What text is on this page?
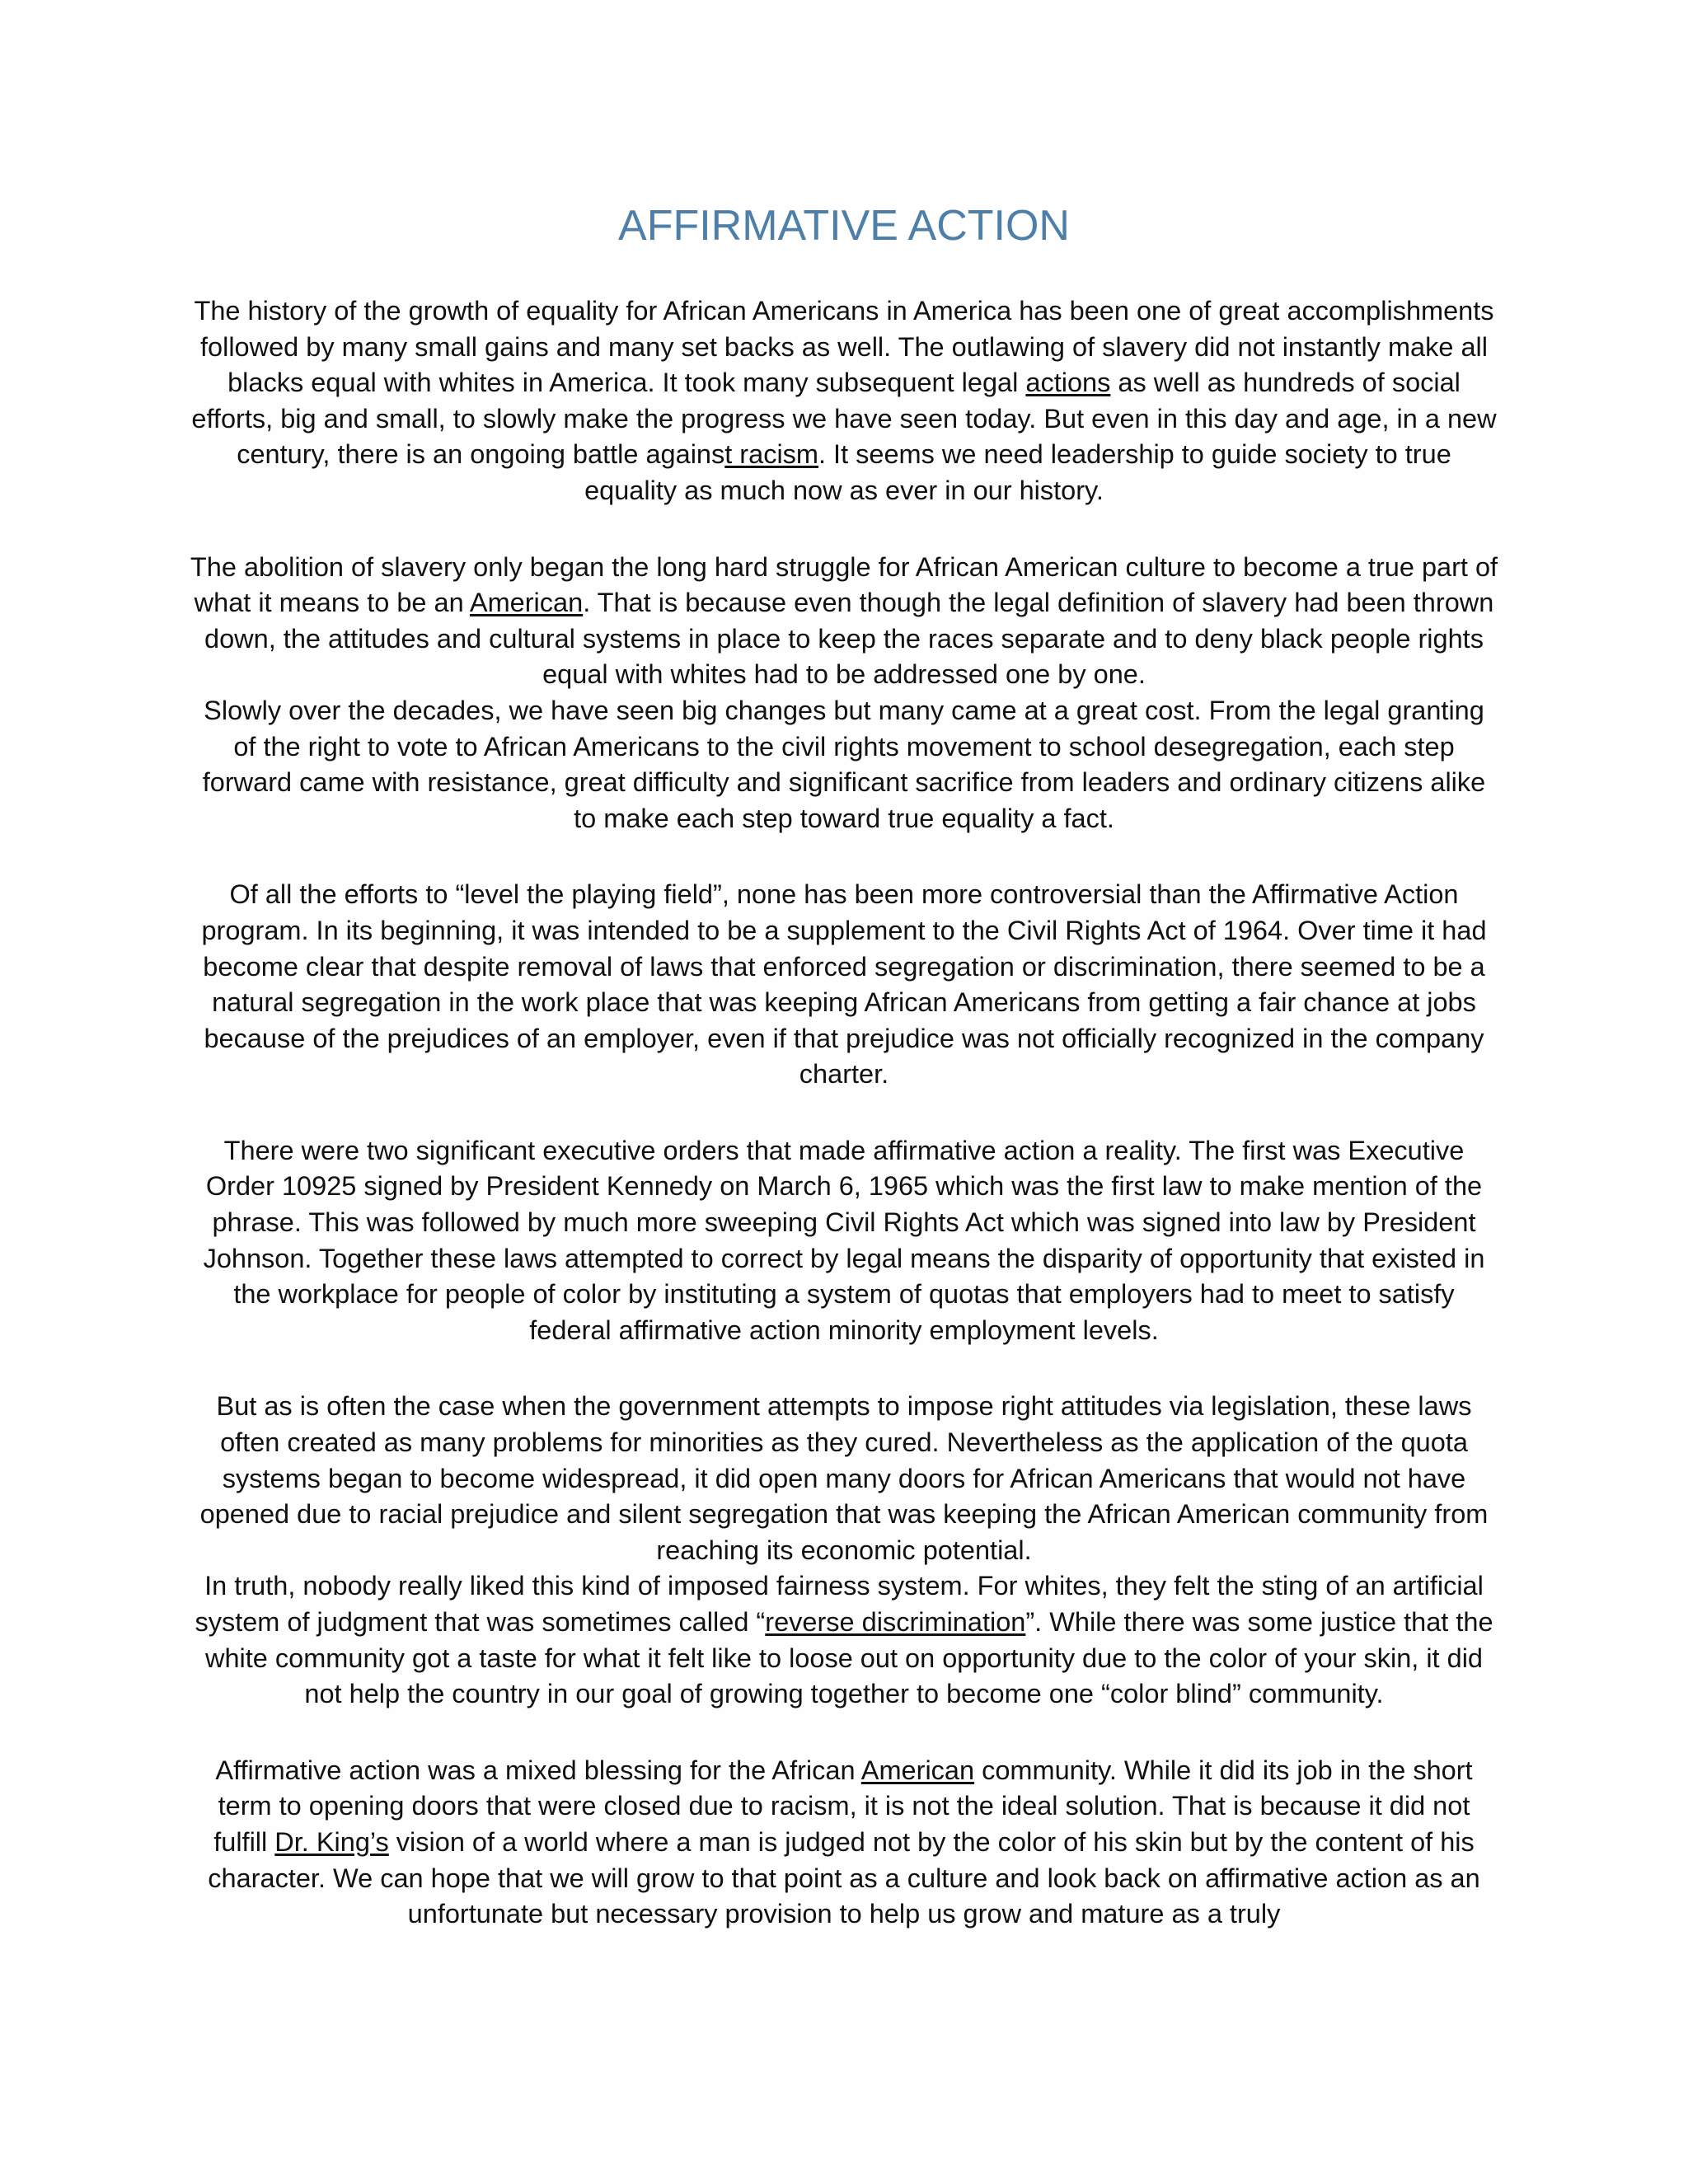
AFFIRMATIVE ACTION

The history of the growth of equality for African Americans in America has been one of great accomplishments followed by many small gains and many set backs as well. The outlawing of slavery did not instantly make all blacks equal with whites in America. It took many subsequent legal actions as well as hundreds of social efforts, big and small, to slowly make the progress we have seen today. But even in this day and age, in a new century, there is an ongoing battle against racism. It seems we need leadership to guide society to true equality as much now as ever in our history.

The abolition of slavery only began the long hard struggle for African American culture to become a true part of what it means to be an American. That is because even though the legal definition of slavery had been thrown down, the attitudes and cultural systems in place to keep the races separate and to deny black people rights equal with whites had to be addressed one by one.

Slowly over the decades, we have seen big changes but many came at a great cost. From the legal granting of the right to vote to African Americans to the civil rights movement to school desegregation, each step forward came with resistance, great difficulty and significant sacrifice from leaders and ordinary citizens alike to make each step toward true equality a fact.

Of all the efforts to “level the playing field”, none has been more controversial than the Affirmative Action program. In its beginning, it was intended to be a supplement to the Civil Rights Act of 1964. Over time it had become clear that despite removal of laws that enforced segregation or discrimination, there seemed to be a natural segregation in the work place that was keeping African Americans from getting a fair chance at jobs because of the prejudices of an employer, even if that prejudice was not officially recognized in the company charter.

There were two significant executive orders that made affirmative action a reality. The first was Executive Order 10925 signed by President Kennedy on March 6, 1965 which was the first law to make mention of the phrase. This was followed by much more sweeping Civil Rights Act which was signed into law by President Johnson. Together these laws attempted to correct by legal means the disparity of opportunity that existed in the workplace for people of color by instituting a system of quotas that employers had to meet to satisfy federal affirmative action minority employment levels.

But as is often the case when the government attempts to impose right attitudes via legislation, these laws often created as many problems for minorities as they cured. Nevertheless as the application of the quota systems began to become widespread, it did open many doors for African Americans that would not have opened due to racial prejudice and silent segregation that was keeping the African American community from reaching its economic potential.

In truth, nobody really liked this kind of imposed fairness system. For whites, they felt the sting of an artificial system of judgment that was sometimes called “reverse discrimination”. While there was some justice that the white community got a taste for what it felt like to loose out on opportunity due to the color of your skin, it did not help the country in our goal of growing together to become one “color blind” community.

Affirmative action was a mixed blessing for the African American community. While it did its job in the short term to opening doors that were closed due to racism, it is not the ideal solution. That is because it did not fulfill Dr. King’s vision of a world where a man is judged not by the color of his skin but by the content of his character. We can hope that we will grow to that point as a culture and look back on affirmative action as an unfortunate but necessary provision to help us grow and mature as a truly
